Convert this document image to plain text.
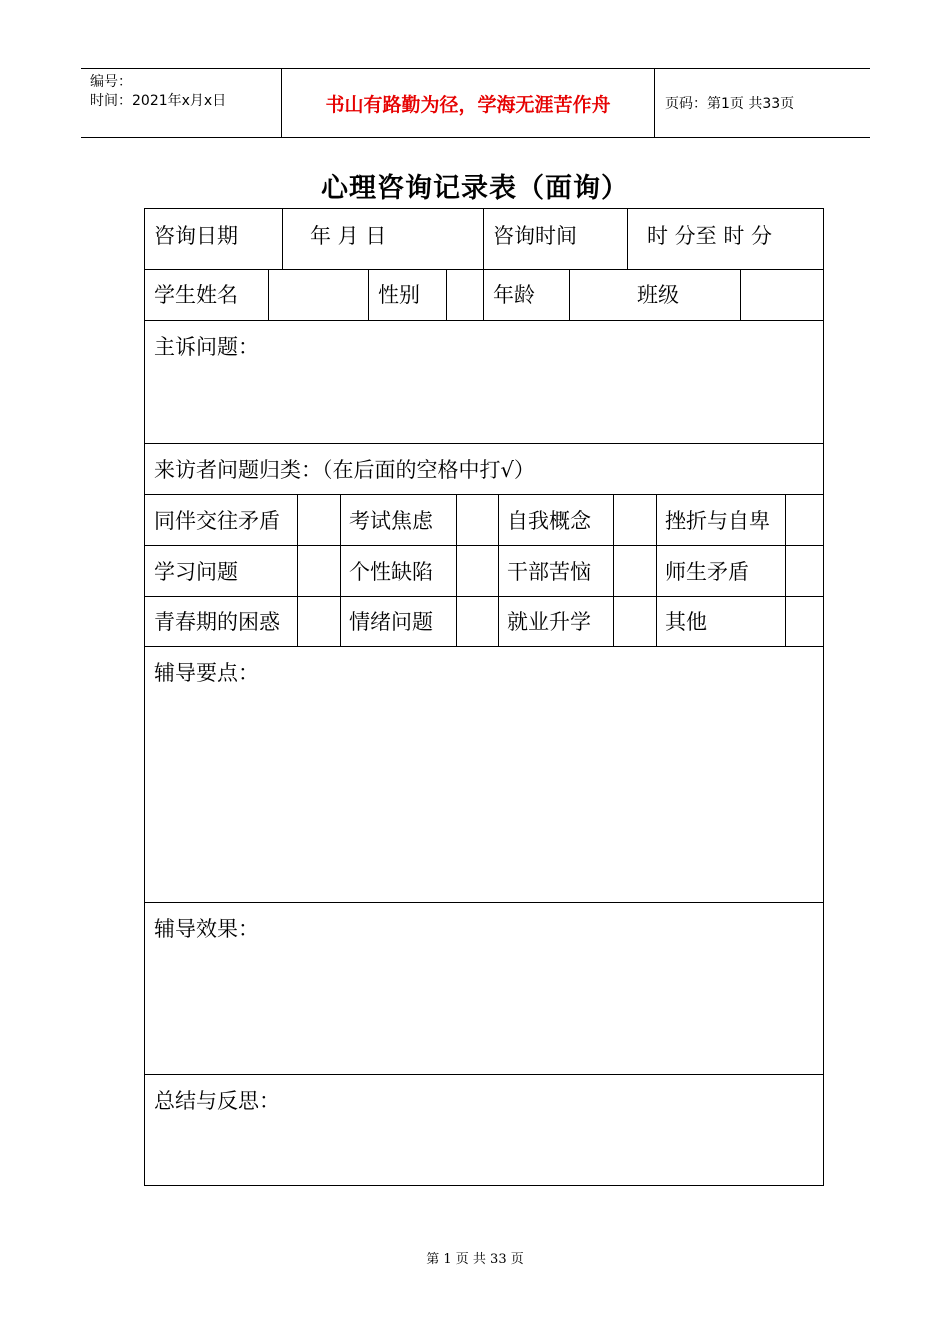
编号：
时间：2021年x月x日	书山有路勤为径，学海无涯苦作舟	页码：第1页 共33页
心理咨询记录表（面询）
咨询日期	年 月 日	咨询时间	时 分至 时 分
学生姓名	性别	年龄	班级
主诉问题：
来访者问题归类：（在后面的空格中打√）
同伴交往矛盾	考试焦虑	自我概念	挫折与自卑
学习问题	个性缺陷	干部苦恼	师生矛盾
青春期的困惑	情绪问题	就业升学	其他
辅导要点：
辅导效果：
总结与反思：
第 1 页 共 33 页
